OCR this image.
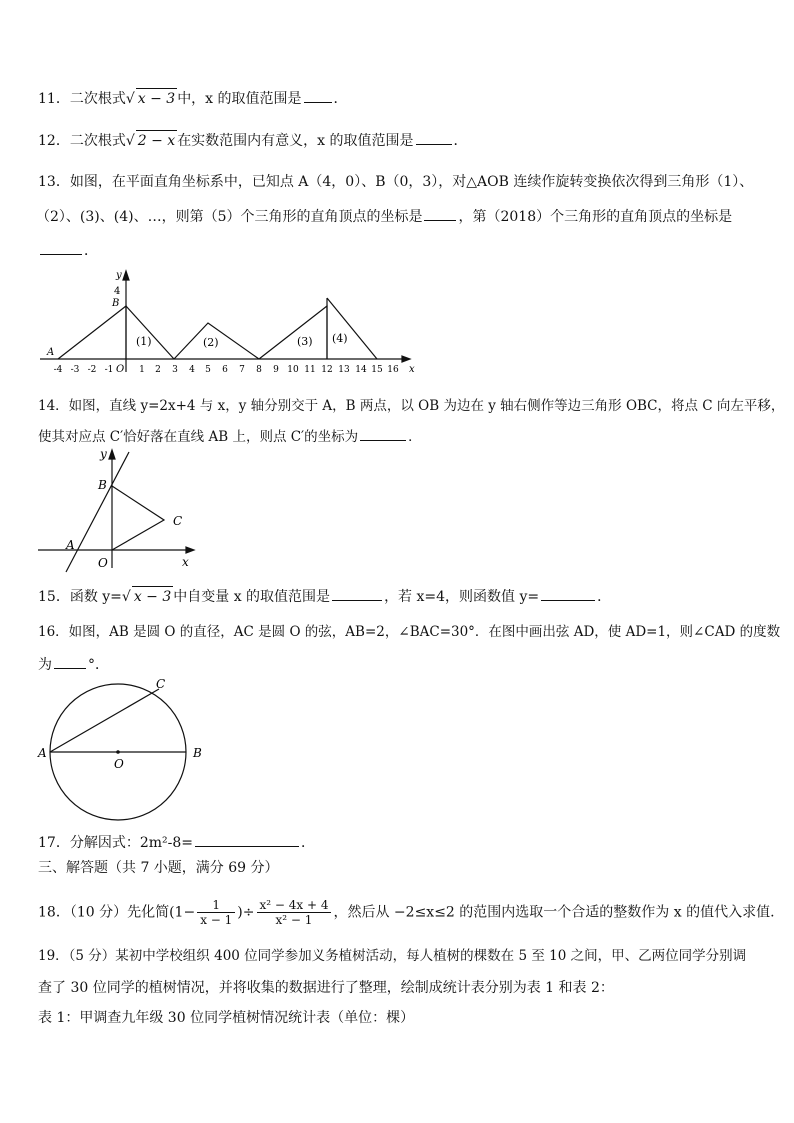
11．二次根式√ x − 3 中，x 的取值范围是 ．
12．二次根式√ 2 − x 在实数范围内有意义，x 的取值范围是	．
13．如图，在平面直角坐标系中，已知点 A（4，0）、B（0，3），对△AOB 连续作旋转变换依次得到三角形（1）、
（2）、(3)、(4)、…，则第（5）个三角形的直角顶点的坐标是	，第（2018）个三角形的直角顶点的坐标是
．
y
x
4
B
A
O
(1)	(2)	(3) (4)
-4 -3 -2 -1	1 2 3 4 5 6 7 8 9 10 11 12 13 14 15 16
14．如图，直线 y=2x+4 与 x，y 轴分别交于 A，B 两点，以 OB 为边在 y 轴右侧作等边三角形 OBC，将点 C 向左平移，
使其对应点 C′恰好落在直线 AB 上，则点 C′的坐标为	．
y
x
B
A
O
C
15．函数 y=√ x − 3 中自变量 x 的取值范围是	，若 x=4，则函数值 y=	．
16．如图，AB 是圆 O 的直径，AC 是圆 O 的弦，AB=2，∠BAC=30°．在图中画出弦 AD，使 AD=1，则∠CAD 的度数
为	°．
A	B
C
O
17．分解因式：2m²-8=	．
三、解答题（共 7 小题，满分 69 分）
18．（10 分）先化简($1- \frac{1}{x - 1}$ )÷ $\frac{\text{x² − 4x + 4}}{\text{x² − 1}}$ ，然后从 −2≤x≤2 的范围内选取一个合适的整数作为 x 的值代入求值.
19．（5 分）某初中学校组织 400 位同学参加义务植树活动，每人植树的棵数在 5 至 10 之间，甲、乙两位同学分别调
查了 30 位同学的植树情况，并将收集的数据进行了整理，绘制成统计表分别为表 1 和表 2：
表 1：甲调查九年级 30 位同学植树情况统计表（单位：棵）
